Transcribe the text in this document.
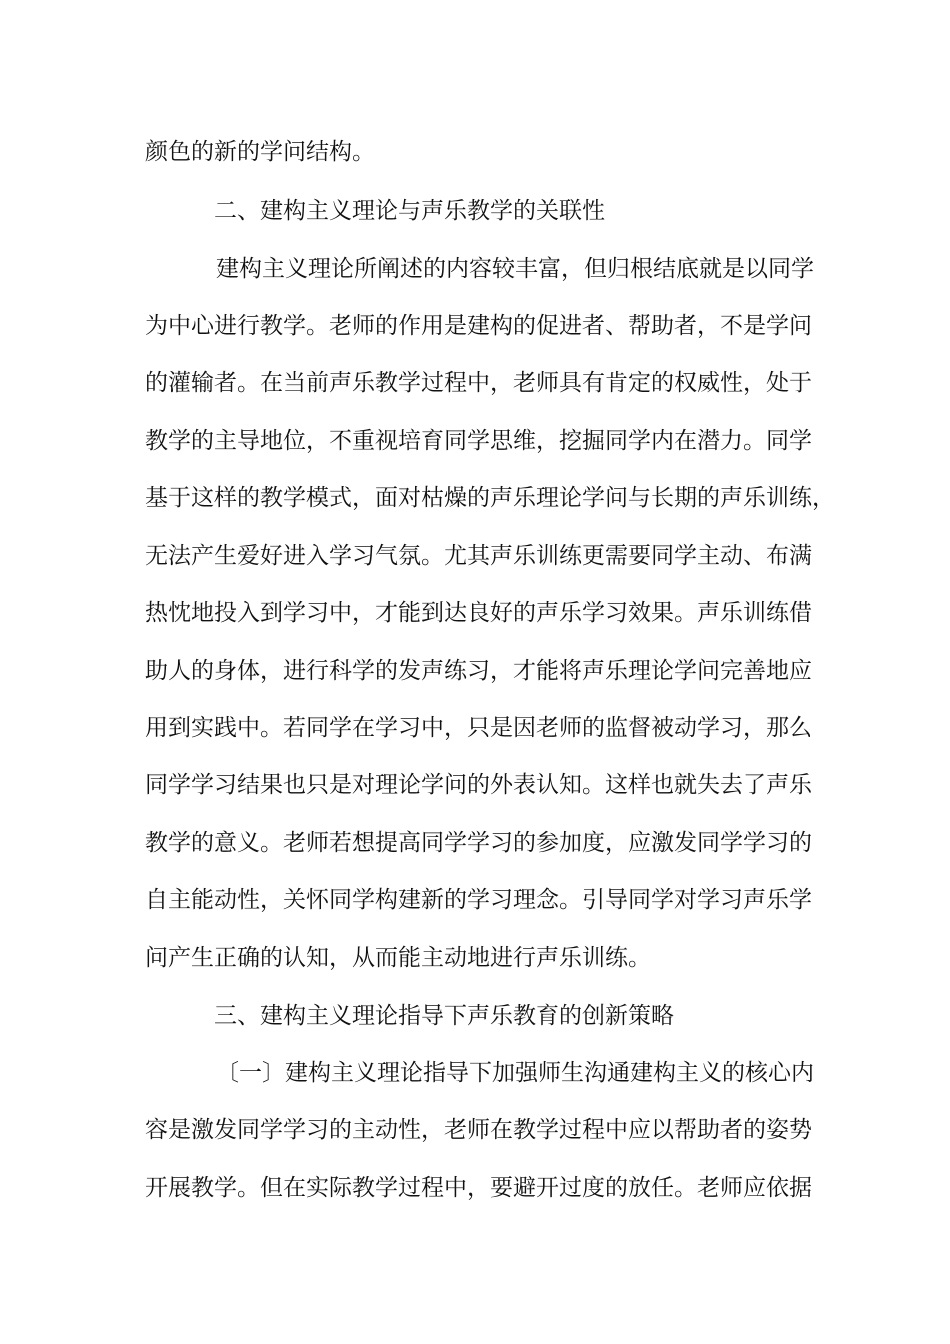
颜色的新的学问结构。

二、建构主义理论与声乐教学的关联性

建构主义理论所阐述的内容较丰富，但归根结底就是以同学

为中心进行教学。老师的作用是建构的促进者、帮助者，不是学问

的灌输者。在当前声乐教学过程中，老师具有肯定的权威性，处于

教学的主导地位，不重视培育同学思维，挖掘同学内在潜力。同学

基于这样的教学模式，面对枯燥的声乐理论学问与长期的声乐训练，

无法产生爱好进入学习气氛。尤其声乐训练更需要同学主动、布满

热忱地投入到学习中，才能到达良好的声乐学习效果。声乐训练借

助人的身体，进行科学的发声练习，才能将声乐理论学问完善地应

用到实践中。若同学在学习中，只是因老师的监督被动学习，那么

同学学习结果也只是对理论学问的外表认知。这样也就失去了声乐

教学的意义。老师若想提高同学学习的参加度，应激发同学学习的

自主能动性，关怀同学构建新的学习理念。引导同学对学习声乐学

问产生正确的认知，从而能主动地进行声乐训练。

三、建构主义理论指导下声乐教育的创新策略

〔一〕建构主义理论指导下加强师生沟通建构主义的核心内

容是激发同学学习的主动性，老师在教学过程中应以帮助者的姿势

开展教学。但在实际教学过程中，要避开过度的放任。老师应依据
